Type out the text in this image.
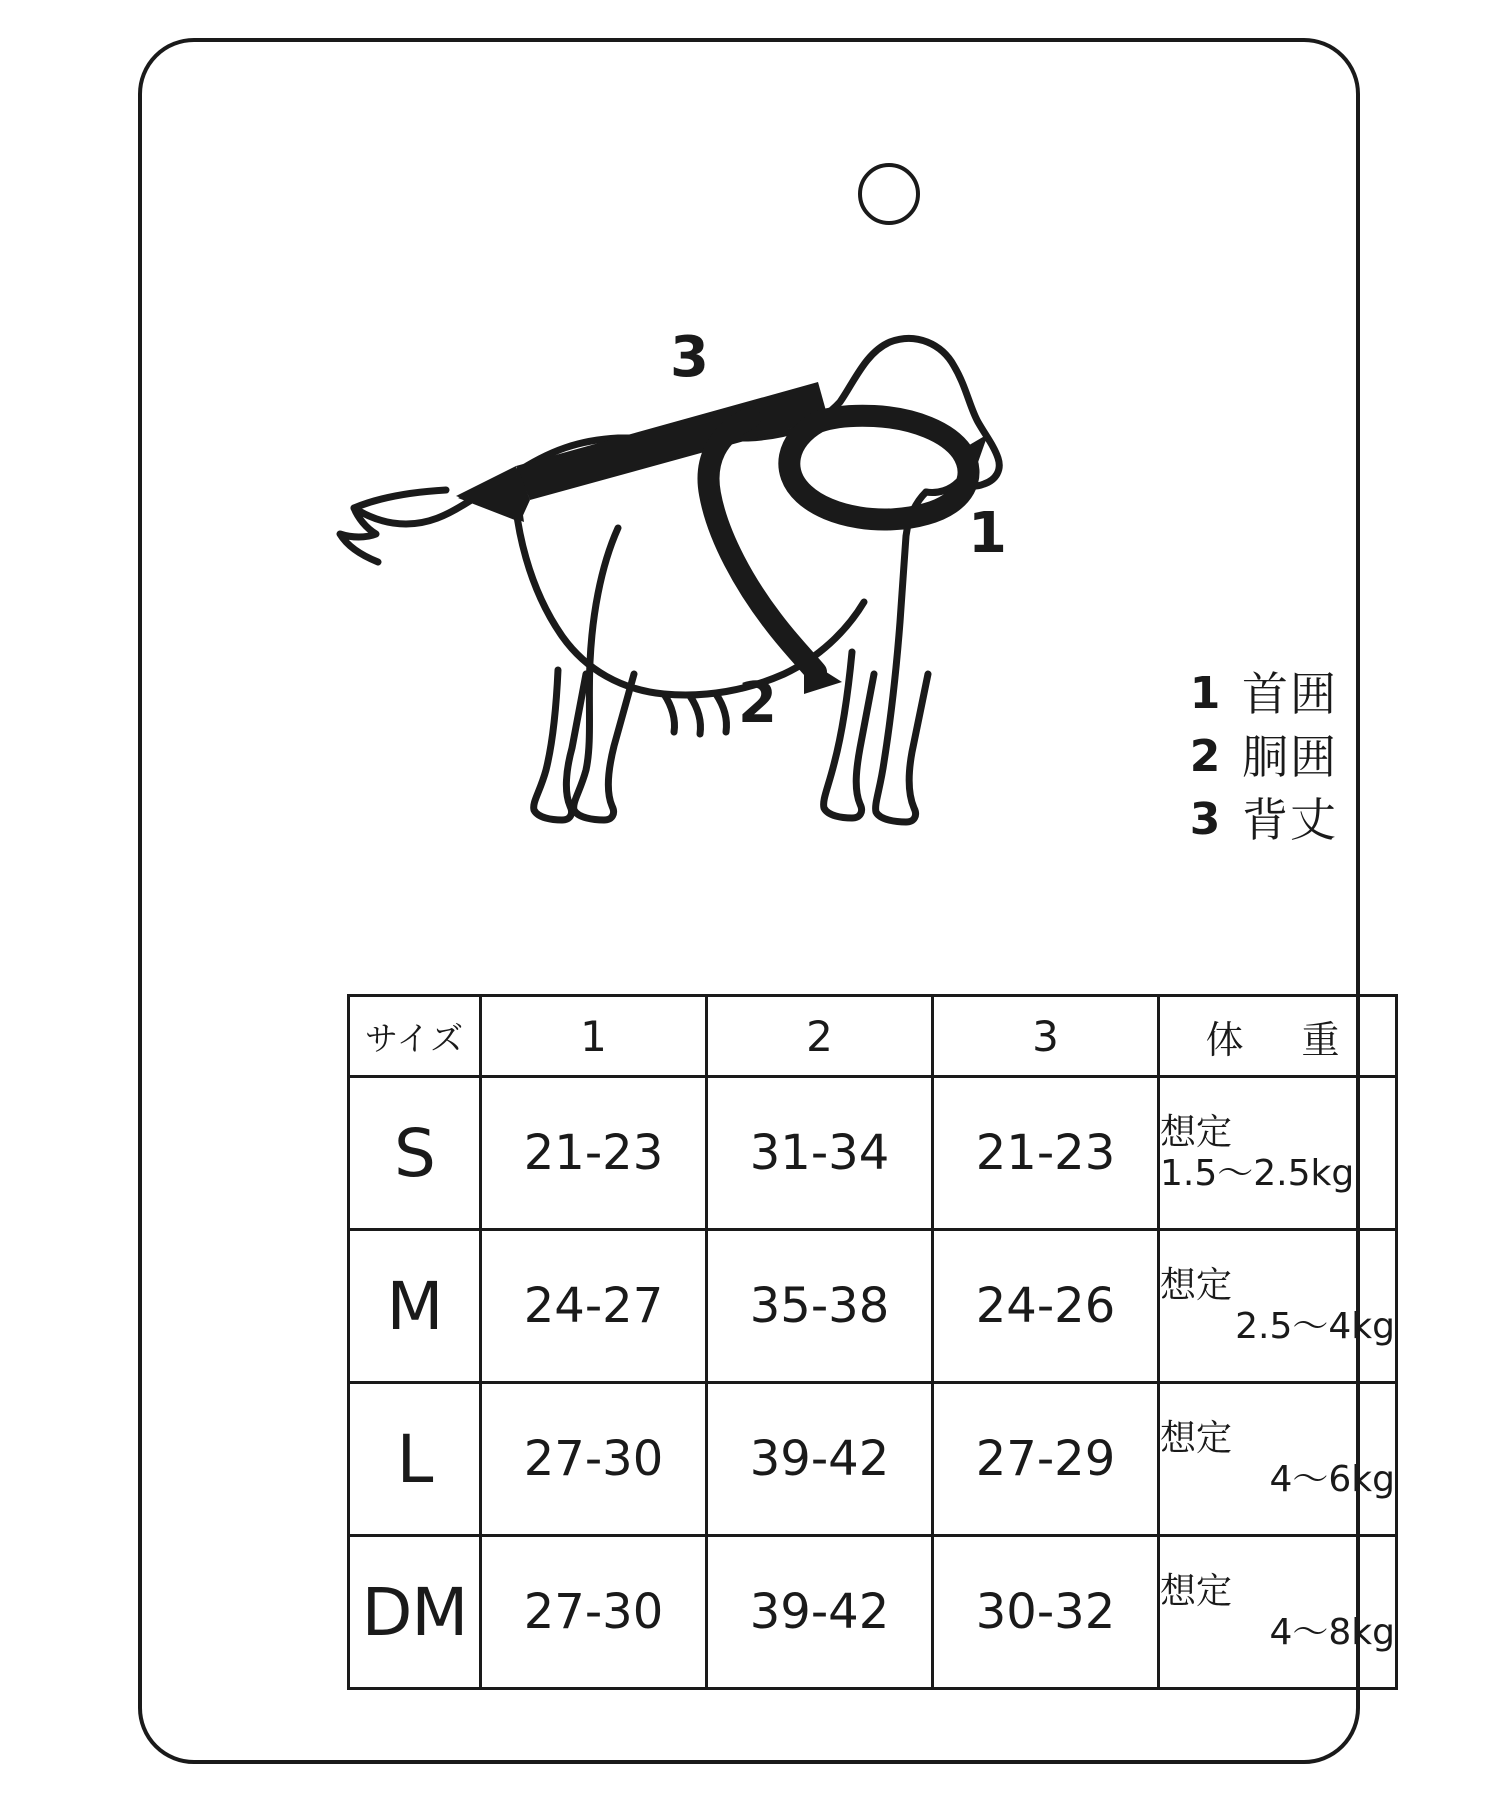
3
1
2	1 首囲
2 胴囲
3 背丈
サイズ	1	2	3	体　重
S	21-23	31-34	21-23	想定
1.5〜2.5kg

M	24-27	35-38	24-26	想定
2.5〜4kg

L	27-30	39-42	27-29	想定
4〜6kg

DM	27-30	39-42	30-32	想定
4〜8kg
